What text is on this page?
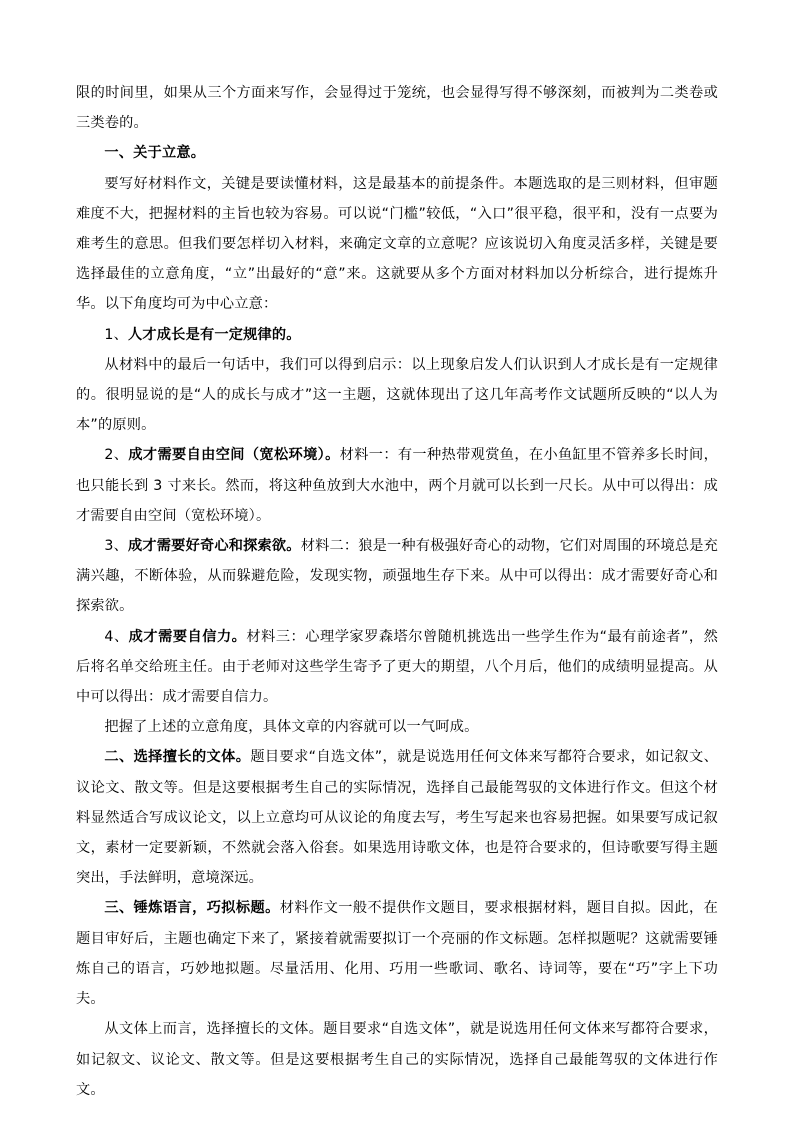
限的时间里，如果从三个方面来写作，会显得过于笼统，也会显得写得不够深刻，而被判为二类卷或三类卷的。

一、关于立意。

要写好材料作文，关键是要读懂材料，这是最基本的前提条件。本题选取的是三则材料，但审题难度不大，把握材料的主旨也较为容易。可以说“门槛”较低，“入口”很平稳，很平和，没有一点要为难考生的意思。但我们要怎样切入材料，来确定文章的立意呢？应该说切入角度灵活多样，关键是要选择最佳的立意角度，“立”出最好的“意”来。这就要从多个方面对材料加以分析综合，进行提炼升华。以下角度均可为中心立意：

1、人才成长是有一定规律的。

从材料中的最后一句话中，我们可以得到启示：以上现象启发人们认识到人才成长是有一定规律的。很明显说的是“人的成长与成才”这一主题，这就体现出了这几年高考作文试题所反映的“以人为本”的原则。

2、成才需要自由空间（宽松环境）。材料一：有一种热带观赏鱼，在小鱼缸里不管养多长时间，也只能长到 3 寸来长。然而，将这种鱼放到大水池中，两个月就可以长到一尺长。从中可以得出：成才需要自由空间（宽松环境）。

3、成才需要好奇心和探索欲。材料二：狼是一种有极强好奇心的动物，它们对周围的环境总是充满兴趣，不断体验，从而躲避危险，发现实物，顽强地生存下来。从中可以得出：成才需要好奇心和探索欲。

4、成才需要自信力。材料三：心理学家罗森塔尔曾随机挑选出一些学生作为“最有前途者”，然后将名单交给班主任。由于老师对这些学生寄予了更大的期望，八个月后，他们的成绩明显提高。从中可以得出：成才需要自信力。

把握了上述的立意角度，具体文章的内容就可以一气呵成。

二、选择擅长的文体。题目要求“自选文体”，就是说选用任何文体来写都符合要求，如记叙文、议论文、散文等。但是这要根据考生自己的实际情况，选择自己最能驾驭的文体进行作文。但这个材料显然适合写成议论文，以上立意均可从议论的角度去写，考生写起来也容易把握。如果要写成记叙文，素材一定要新颖，不然就会落入俗套。如果选用诗歌文体，也是符合要求的，但诗歌要写得主题突出，手法鲜明，意境深远。

三、锤炼语言，巧拟标题。材料作文一般不提供作文题目，要求根据材料，题目自拟。因此，在题目审好后，主题也确定下来了，紧接着就需要拟订一个亮丽的作文标题。怎样拟题呢？这就需要锤炼自己的语言，巧妙地拟题。尽量活用、化用、巧用一些歌词、歌名、诗词等，要在“巧”字上下功夫。

从文体上而言，选择擅长的文体。题目要求“自选文体”，就是说选用任何文体来写都符合要求，如记叙文、议论文、散文等。但是这要根据考生自己的实际情况，选择自己最能驾驭的文体进行作文。
